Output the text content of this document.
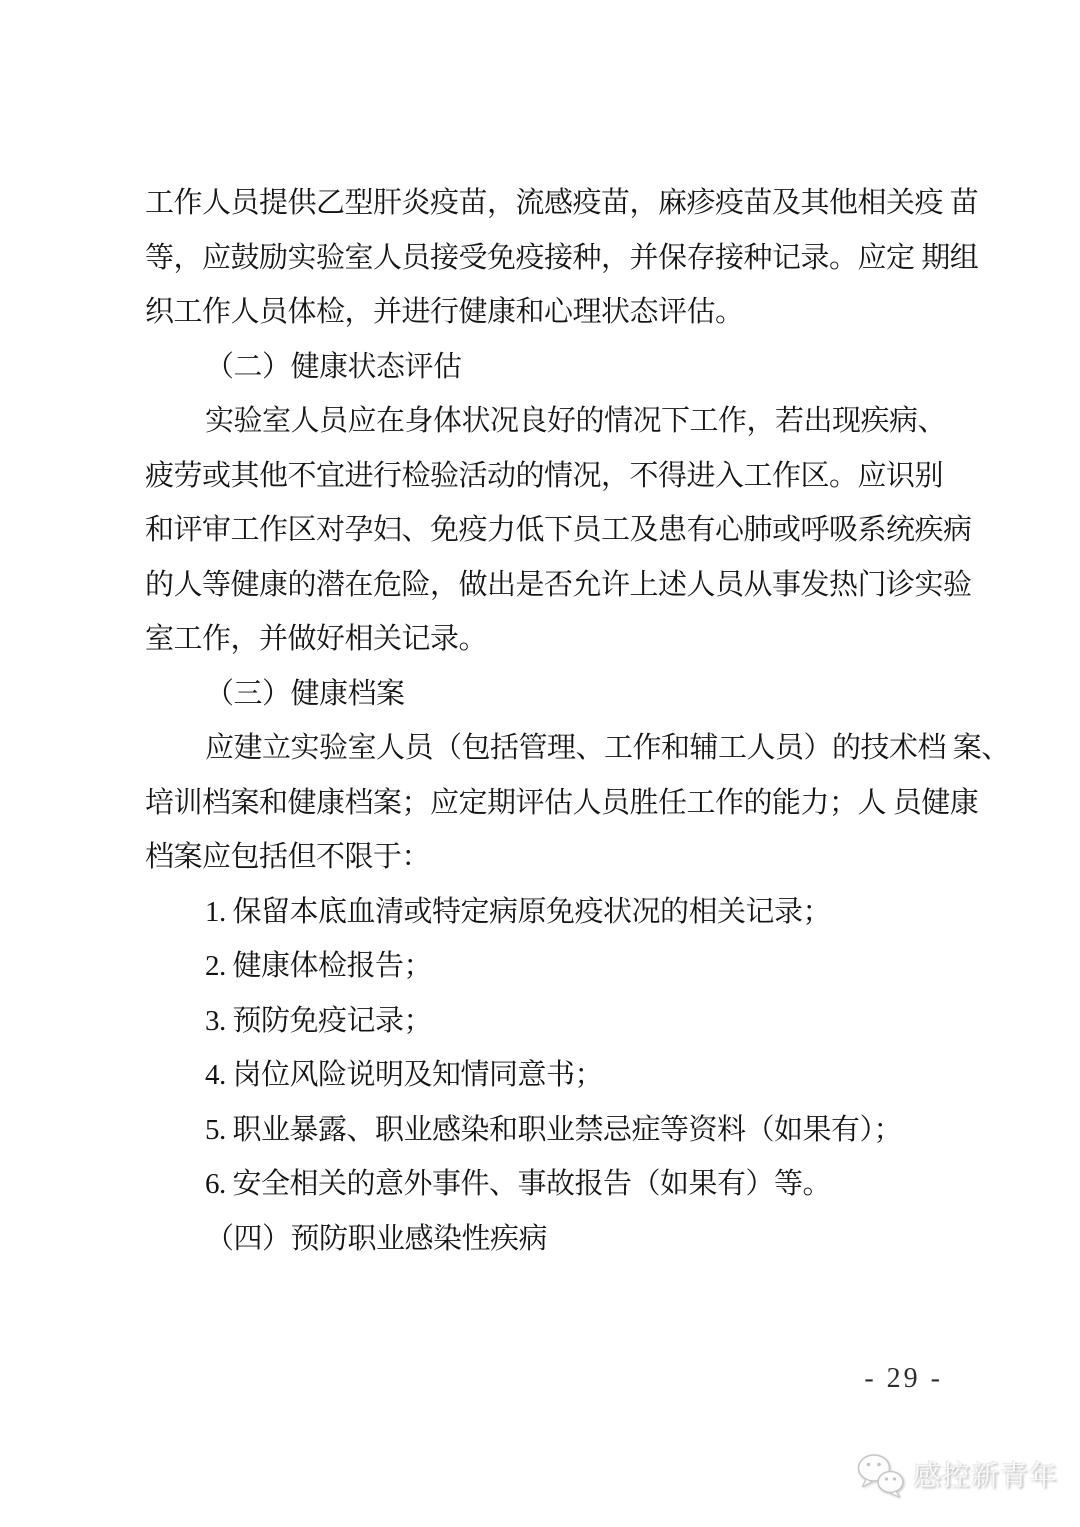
工作人员提供乙型肝炎疫苗，流感疫苗，麻疹疫苗及其他相关疫 苗
等，应鼓励实验室人员接受免疫接种，并保存接种记录。应定 期组
织工作人员体检，并进行健康和心理状态评估。
（二）健康状态评估
实验室人员应在身体状况良好的情况下工作，若出现疾病、
疲劳或其他不宜进行检验活动的情况，不得进入工作区。应识别
和评审工作区对孕妇、免疫力低下员工及患有心肺或呼吸系统疾病
的人等健康的潜在危险，做出是否允许上述人员从事发热门诊实验
室工作，并做好相关记录。
（三）健康档案
应建立实验室人员（包括管理、工作和辅工人员）的技术档 案、
培训档案和健康档案；应定期评估人员胜任工作的能力；人 员健康
档案应包括但不限于：
1. 保留本底血清或特定病原免疫状况的相关记录；
2. 健康体检报告；
3. 预防免疫记录；
4. 岗位风险说明及知情同意书；
5. 职业暴露、职业感染和职业禁忌症等资料（如果有）；
6. 安全相关的意外事件、事故报告（如果有）等。
（四）预防职业感染性疾病
- 29 -
感控新青年
